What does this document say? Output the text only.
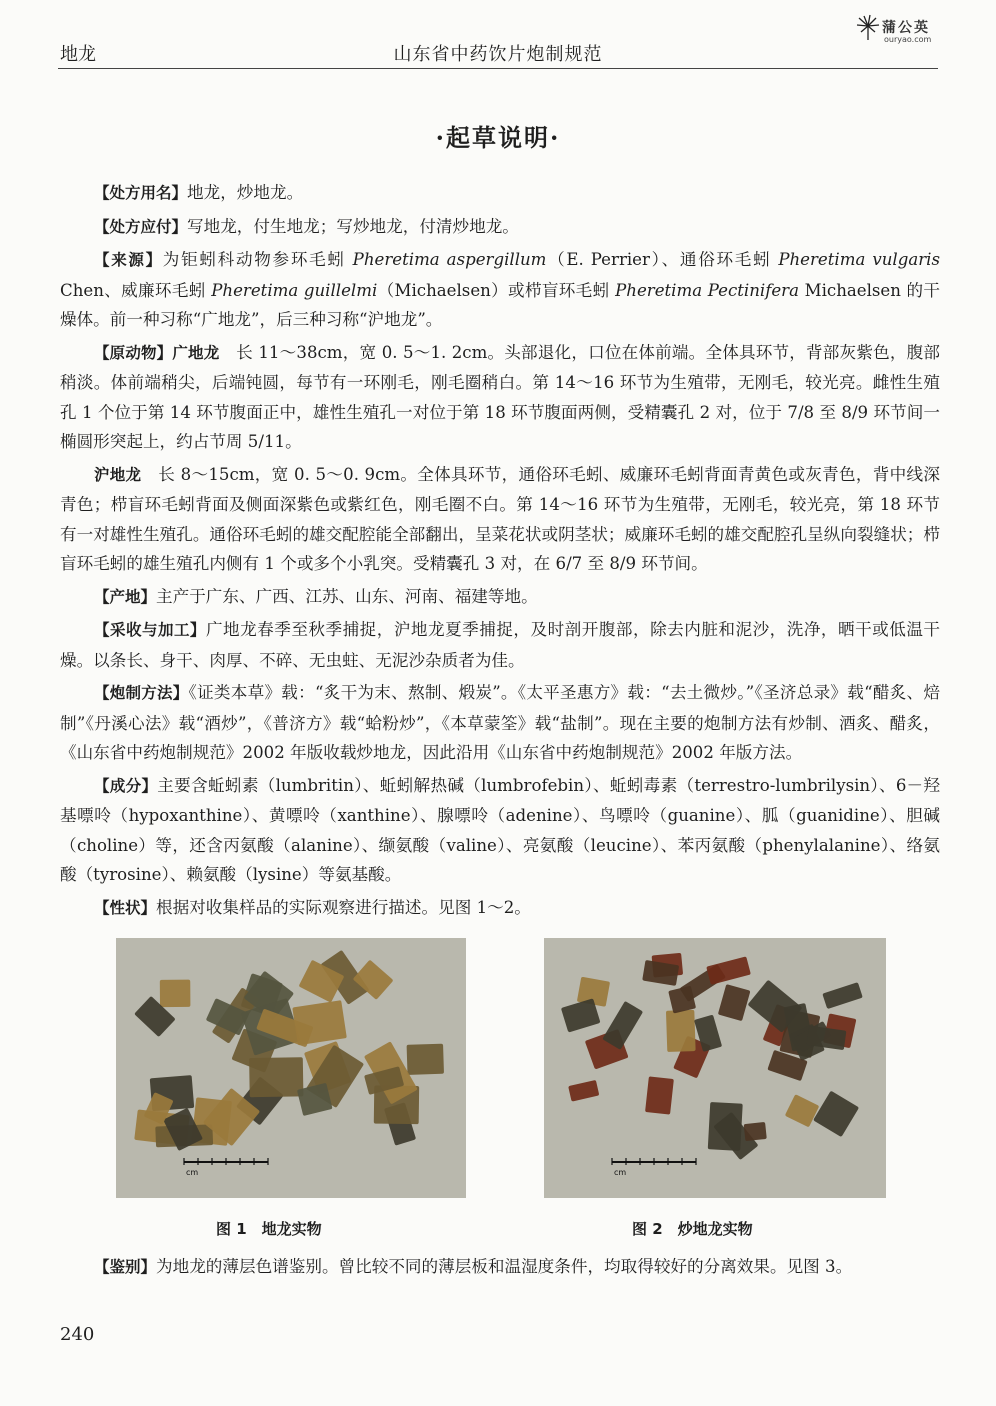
地龙	山东省中药饮片炮制规范
蒲公英
ouryao.com
·起草说明·

【处方用名】地龙，炒地龙。

【处方应付】写地龙，付生地龙；写炒地龙，付清炒地龙。

【来源】为钜蚓科动物参环毛蚓 Pheretima aspergillum（E. Perrier）、通俗环毛蚓 Pheretima vulgaris Chen、威廉环毛蚓 Pheretima guillelmi（Michaelsen）或栉盲环毛蚓 Pheretima Pectinifera Michaelsen 的干燥体。前一种习称“广地龙”，后三种习称“沪地龙”。

【原动物】广地龙　长 11～38cm，宽 0. 5～1. 2cm。头部退化，口位在体前端。全体具环节，背部灰紫色，腹部稍淡。体前端稍尖，后端钝圆，每节有一环刚毛，刚毛圈稍白。第 14～16 环节为生殖带，无刚毛，较光亮。雌性生殖孔 1 个位于第 14 环节腹面正中，雄性生殖孔一对位于第 18 环节腹面两侧，受精囊孔 2 对，位于 7/8 至 8/9 环节间一椭圆形突起上，约占节周 5/11。

沪地龙　长 8～15cm，宽 0. 5～0. 9cm。全体具环节，通俗环毛蚓、威廉环毛蚓背面青黄色或灰青色，背中线深青色；栉盲环毛蚓背面及侧面深紫色或紫红色，刚毛圈不白。第 14～16 环节为生殖带，无刚毛，较光亮，第 18 环节有一对雄性生殖孔。通俗环毛蚓的雄交配腔能全部翻出，呈菜花状或阴茎状；威廉环毛蚓的雄交配腔孔呈纵向裂缝状；栉盲环毛蚓的雄生殖孔内侧有 1 个或多个小乳突。受精囊孔 3 对，在 6/7 至 8/9 环节间。

【产地】主产于广东、广西、江苏、山东、河南、福建等地。

【采收与加工】广地龙春季至秋季捕捉，沪地龙夏季捕捉，及时剖开腹部，除去内脏和泥沙，洗净，晒干或低温干燥。以条长、身干、肉厚、不碎、无虫蛀、无泥沙杂质者为佳。

【炮制方法】《证类本草》载：“炙干为末、熬制、煅炭”。《太平圣惠方》载：“去土微炒。”《圣济总录》载“醋炙、焙制”《丹溪心法》载“酒炒”，《普济方》载“蛤粉炒”，《本草蒙筌》载“盐制”。现在主要的炮制方法有炒制、酒炙、醋炙，《山东省中药炮制规范》2002 年版收载炒地龙，因此沿用《山东省中药炮制规范》2002 年版方法。

【成分】主要含蚯蚓素（lumbritin）、蚯蚓解热碱（lumbrofebin）、蚯蚓毒素（terrestro-lumbrilysin）、6－羟基嘌呤（hypoxanthine）、黄嘌呤（xanthine）、腺嘌呤（adenine）、鸟嘌呤（guanine）、胍（guanidine）、胆碱（choline）等，还含丙氨酸（alanine）、缬氨酸（valine）、亮氨酸（leucine）、苯丙氨酸（phenylalanine）、络氨酸（tyrosine）、赖氨酸（lysine）等氨基酸。

【性状】根据对收集样品的实际观察进行描述。见图 1～2。

cm	cm
图 1　地龙实物	图 2　炒地龙实物

【鉴别】为地龙的薄层色谱鉴别。曾比较不同的薄层板和温湿度条件，均取得较好的分离效果。见图 3。

240
